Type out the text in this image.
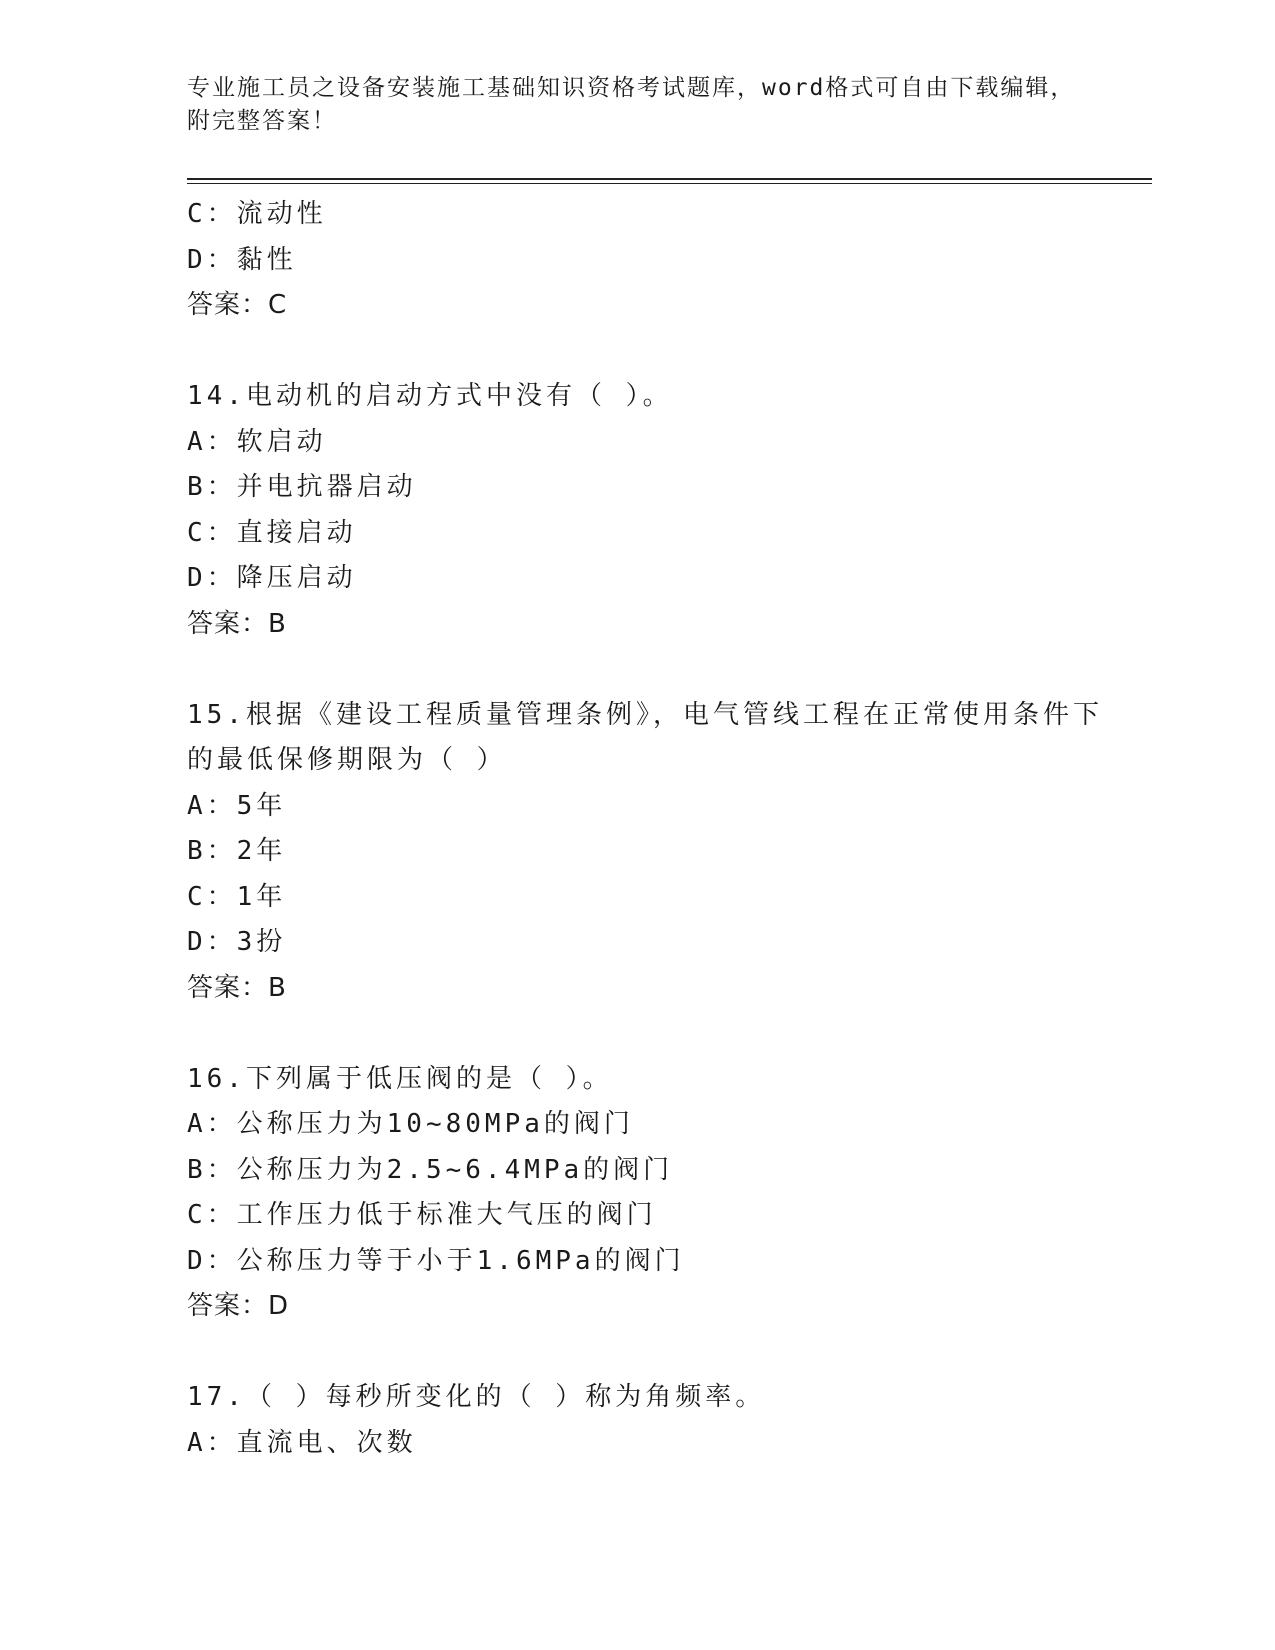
专业施工员之设备安装施工基础知识资格考试题库，word格式可自由下载编辑，
附完整答案！
C：流动性
D：黏性
答案：C
14.电动机的启动方式中没有（ ）。
A：软启动
B：并电抗器启动
C：直接启动
D：降压启动
答案：B
15.根据《建设工程质量管理条例》，电气管线工程在正常使用条件下
的最低保修期限为（ ）
A：5年
B：2年
C：1年
D：3扮
答案：B
16.下列属于低压阀的是（ ）。
A：公称压力为10~80MPa的阀门
B：公称压力为2.5~6.4MPa的阀门
C：工作压力低于标准大气压的阀门
D：公称压力等于小于1.6MPa的阀门
答案：D
17.（ ）每秒所变化的（ ）称为角频率。
A：直流电、次数
